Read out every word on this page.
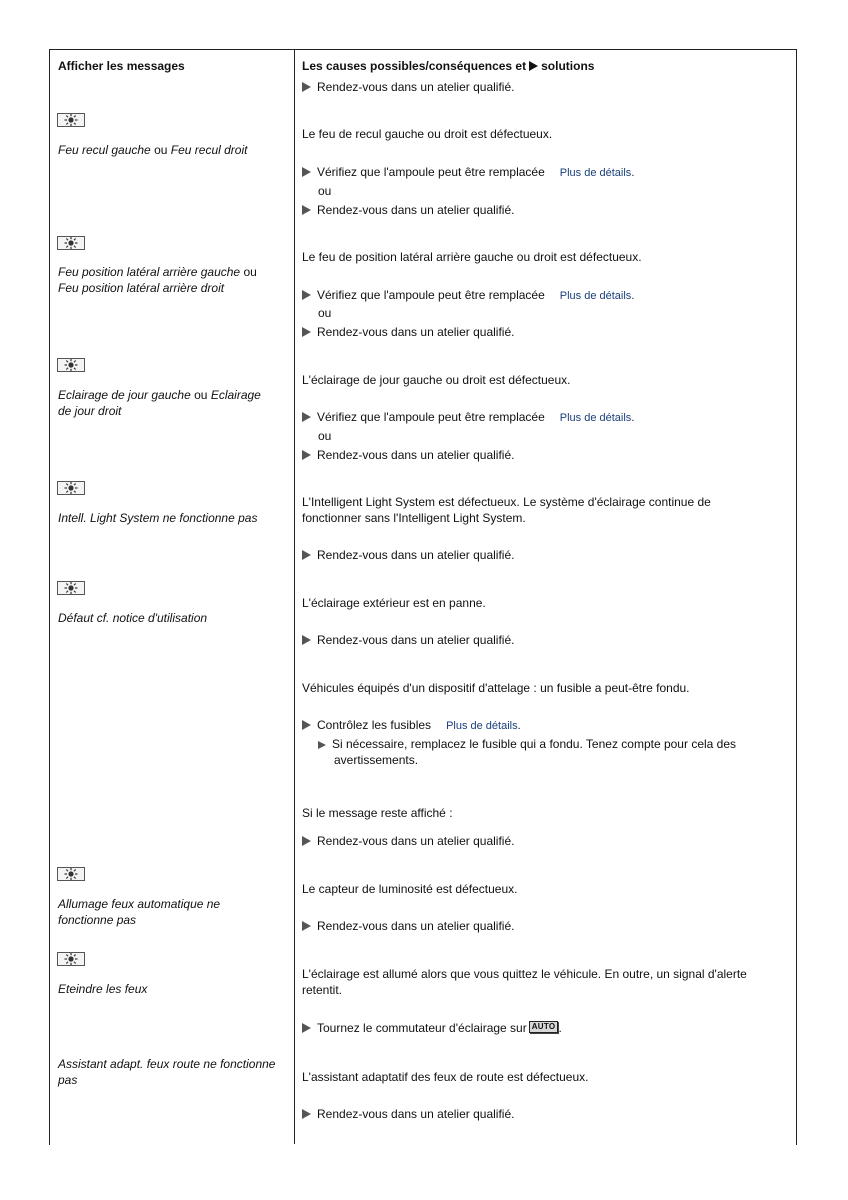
Afficher les messages	Les causes possibles/conséquences et solutions
Rendez-vous dans un atelier qualifié.
Feu recul gauche ou Feu recul droit
Le feu de recul gauche ou droit est défectueux.
Vérifiez que l'ampoule peut être remplacée Plus de détails.
ou
Rendez-vous dans un atelier qualifié.
Feu position latéral arrière gauche ou
Feu position latéral arrière droit
Le feu de position latéral arrière gauche ou droit est défectueux.
Vérifiez que l'ampoule peut être remplacée Plus de détails.
ou
Rendez-vous dans un atelier qualifié.
Eclairage de jour gauche ou Eclairage
de jour droit
L'éclairage de jour gauche ou droit est défectueux.
Vérifiez que l'ampoule peut être remplacée Plus de détails.
ou
Rendez-vous dans un atelier qualifié.
Intell. Light System ne fonctionne pas
L'Intelligent Light System est défectueux. Le système d'éclairage continue de
fonctionner sans l'Intelligent Light System.
Rendez-vous dans un atelier qualifié.
Défaut cf. notice d'utilisation
L'éclairage extérieur est en panne.
Rendez-vous dans un atelier qualifié.
Véhicules équipés d'un dispositif d'attelage : un fusible a peut-être fondu.
Contrôlez les fusibles Plus de détails.
Si nécessaire, remplacez le fusible qui a fondu. Tenez compte pour cela des
avertissements.
Si le message reste affiché :
Rendez-vous dans un atelier qualifié.
Allumage feux automatique ne
fonctionne pas
Le capteur de luminosité est défectueux.
Rendez-vous dans un atelier qualifié.
Eteindre les feux
L'éclairage est allumé alors que vous quittez le véhicule. En outre, un signal d'alerte
retentit.
Tournez le commutateur d'éclairage sur AUTO .
Assistant adapt. feux route ne fonctionne
pas	L'assistant adaptatif des feux de route est défectueux.
Rendez-vous dans un atelier qualifié.
